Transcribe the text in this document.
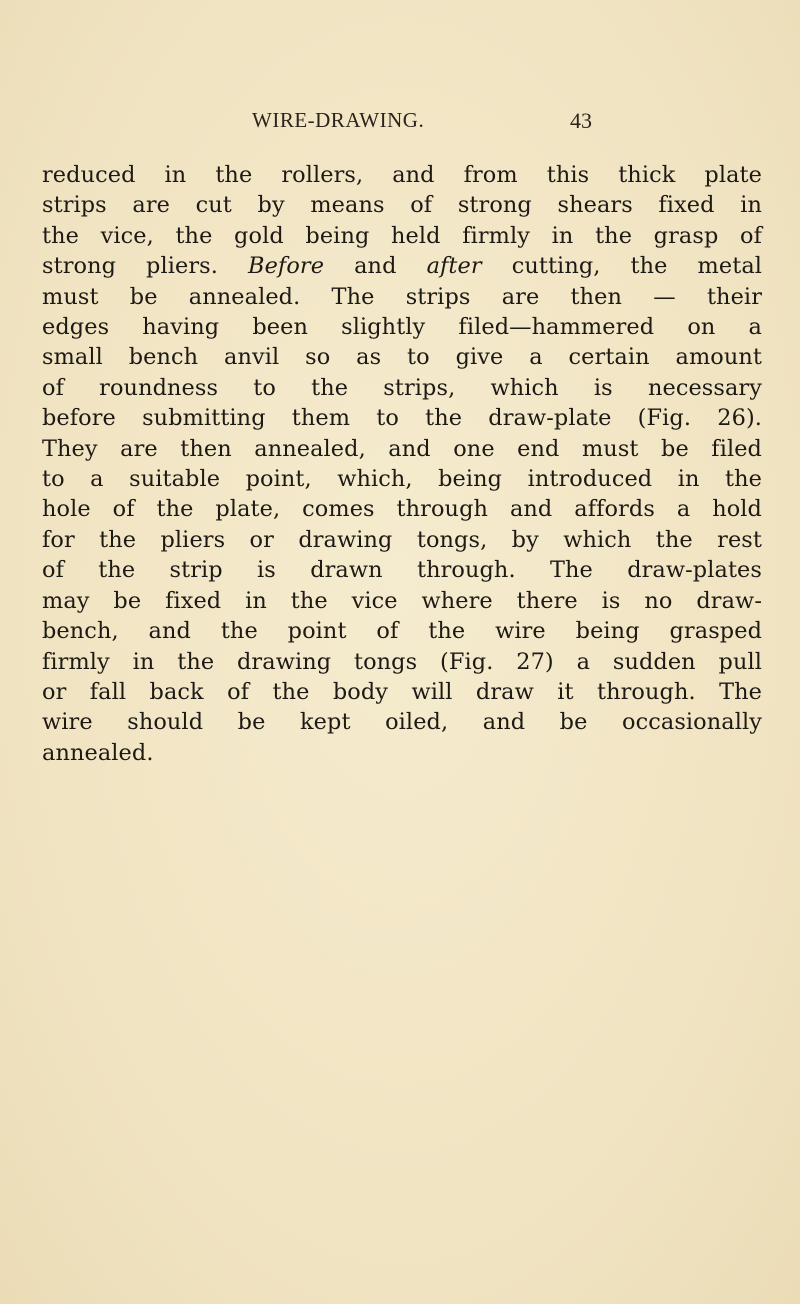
WIRE-DRAWING.	43
reduced in the rollers, and from this thick plate
strips are cut by means of strong shears fixed in
the vice, the gold being held firmly in the grasp of
strong pliers. Before and after cutting, the metal
must be annealed. The strips are then — their
edges having been slightly filed—hammered on a
small bench anvil so as to give a certain amount
of roundness to the strips, which is necessary
before submitting them to the draw-plate (Fig. 26).
They are then annealed, and one end must be filed
to a suitable point, which, being introduced in the
hole of the plate, comes through and affords a hold
for the pliers or drawing tongs, by which the rest
of the strip is drawn through. The draw-plates
may be fixed in the vice where there is no draw-
bench, and the point of the wire being grasped
firmly in the drawing tongs (Fig. 27) a sudden pull
or fall back of the body will draw it through. The
wire should be kept oiled, and be occasionally
annealed.
